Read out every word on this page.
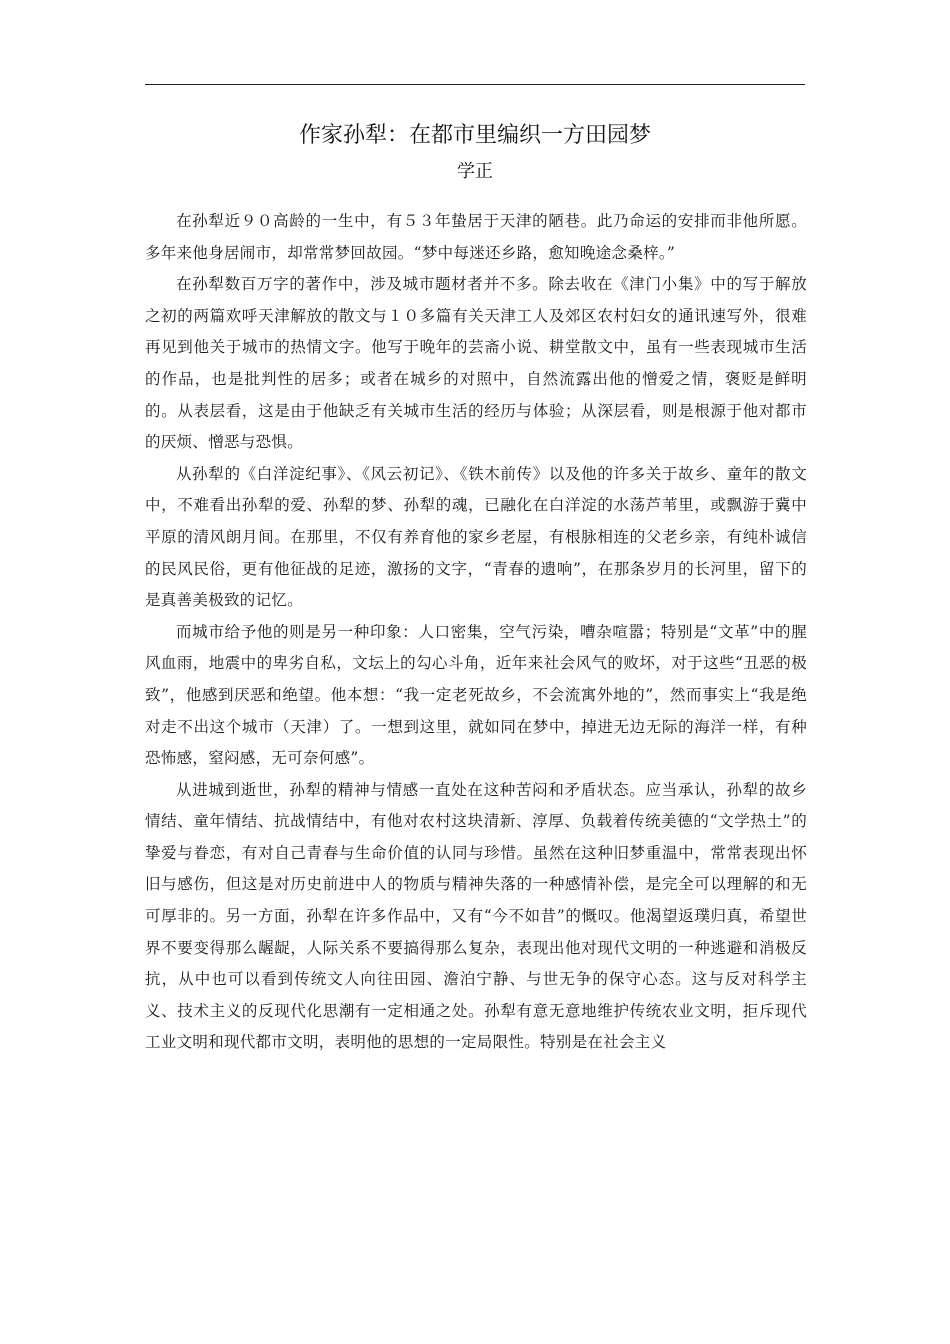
作家孙犁：在都市里编织一方田园梦
学正

在孙犁近９０高龄的一生中，有５３年蛰居于天津的陋巷。此乃命运的安排而非他所愿。多年来他身居闹市，却常常梦回故园。“梦中每迷还乡路，愈知晚途念桑梓。”

在孙犁数百万字的著作中，涉及城市题材者并不多。除去收在《津门小集》中的写于解放之初的两篇欢呼天津解放的散文与１０多篇有关天津工人及郊区农村妇女的通讯速写外，很难再见到他关于城市的热情文字。他写于晚年的芸斋小说、耕堂散文中，虽有一些表现城市生活的作品，也是批判性的居多；或者在城乡的对照中，自然流露出他的憎爱之情，褒贬是鲜明的。从表层看，这是由于他缺乏有关城市生活的经历与体验；从深层看，则是根源于他对都市的厌烦、憎恶与恐惧。

从孙犁的《白洋淀纪事》、《风云初记》、《铁木前传》以及他的许多关于故乡、童年的散文中，不难看出孙犁的爱、孙犁的梦、孙犁的魂，已融化在白洋淀的水荡芦苇里，或飘游于冀中平原的清风朗月间。在那里，不仅有养育他的家乡老屋，有根脉相连的父老乡亲，有纯朴诚信的民风民俗，更有他征战的足迹，激扬的文字，“青春的遗响”，在那条岁月的长河里，留下的是真善美极致的记忆。

而城市给予他的则是另一种印象：人口密集，空气污染，嘈杂喧嚣；特别是“文革”中的腥风血雨，地震中的卑劣自私，文坛上的勾心斗角，近年来社会风气的败坏，对于这些“丑恶的极致”，他感到厌恶和绝望。他本想：“我一定老死故乡，不会流寓外地的”，然而事实上“我是绝对走不出这个城市（天津）了。一想到这里，就如同在梦中，掉进无边无际的海洋一样，有种恐怖感，窒闷感，无可奈何感”。

从进城到逝世，孙犁的精神与情感一直处在这种苦闷和矛盾状态。应当承认，孙犁的故乡情结、童年情结、抗战情结中，有他对农村这块清新、淳厚、负载着传统美德的“文学热土”的挚爱与眷恋，有对自己青春与生命价值的认同与珍惜。虽然在这种旧梦重温中，常常表现出怀旧与感伤，但这是对历史前进中人的物质与精神失落的一种感情补偿，是完全可以理解的和无可厚非的。另一方面，孙犁在许多作品中，又有“今不如昔”的慨叹。他渴望返璞归真，希望世界不要变得那么龌龊，人际关系不要搞得那么复杂，表现出他对现代文明的一种逃避和消极反抗，从中也可以看到传统文人向往田园、澹泊宁静、与世无争的保守心态。这与反对科学主义、技术主义的反现代化思潮有一定相通之处。孙犁有意无意地维护传统农业文明，拒斥现代工业文明和现代都市文明，表明他的思想的一定局限性。特别是在社会主义
